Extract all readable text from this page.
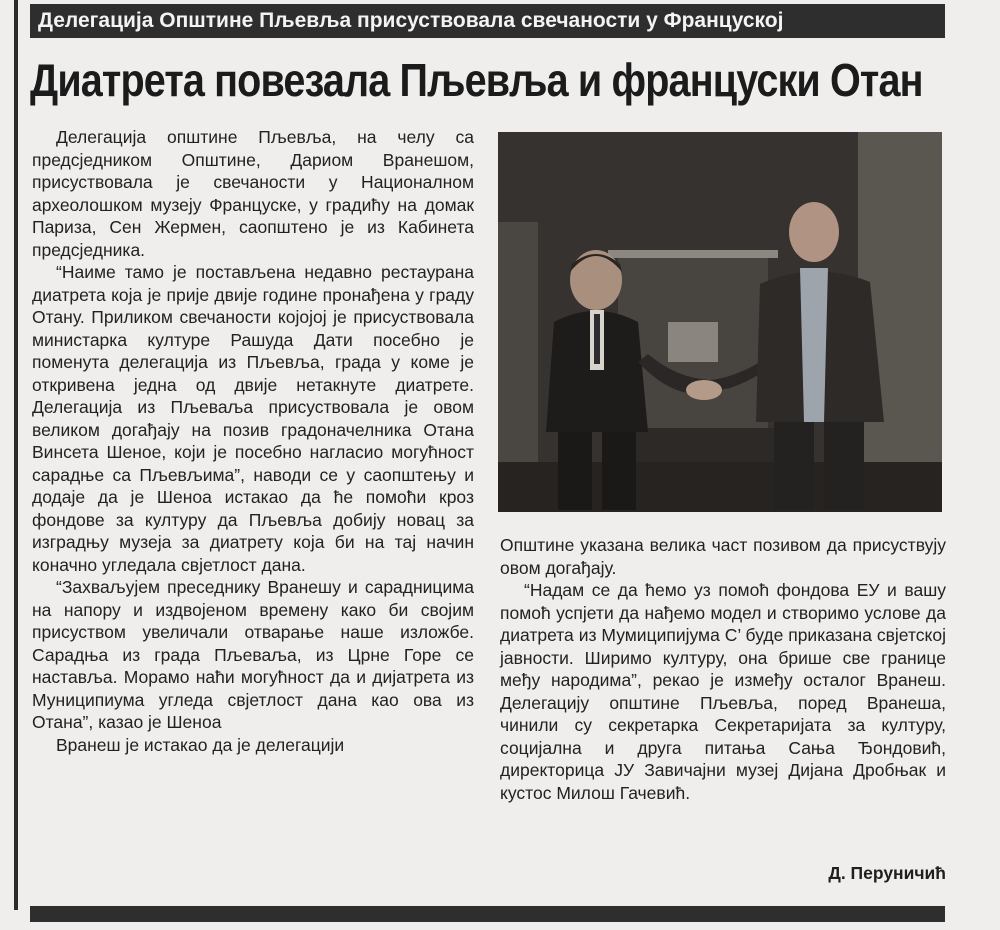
Делегација Општине Пљевља присуствовала свечаности у Француској
Диатрета повезала Пљевља и француски Отан

Делегација општине Пљевља, на челу са предсједником Општине, Дариом Вранешом, присуствовала је свечаности у Националном археолошком музеју Француске, у градићу на домак Париза, Сен Жермен, саопштено је из Кабинета предсједника.

“Наиме тамо је постављена недавно рестаурана диатрета која је прије двије године пронађена у граду Отану. Приликом свечаности којојој је присуствовала министарка културе Рашуда Дати посебно је поменута делегација из Пљевља, града у коме је откривена једна од двије нетакнуте диатрете. Делегација из Пљеваља присуствовала је овом великом догађају на позив градоначелника Отана Винсета Шеное, који је посебно нагласио могућност сарадње са Пљевљима”, наводи се у саопштењу и додаје да је Шеноа истакао да ће помоћи кроз фондове за културу да Пљевља добију новац за изградњу музеја за диатрету која би на тај начин коначно угледала свјетлост дана.

“Захваљујем преседнику Вранешу и сарадницима на напору и издвојеном времену како би својим присуством увеличали отварање наше изложбе. Сарадња из града Пљеваља, из Црне Горе се наставља. Морамо наћи могућност да и дијатрета из Муниципиума угледа свјетлост дана као ова из Отана”, казао је Шеноа

Вранеш је истакао да је делегацији

Општине указана велика част позивом да присуствују овом догађају.

“Надам се да ћемо уз помоћ фондова ЕУ и вашу помоћ успјети да нађемо модел и створимо услове да диатрета из Мумиципијума С’ буде приказана свјетској јавности. Ширимо културу, она брише све границе међу народима”, рекао је између осталог Вранеш. Делегацију општине Пљевља, поред Вранеша, чинили су секретарка Секретаријата за културу, социјална и друга питања Сања Ђондовић, директорица ЈУ Завичајни музеј Дијана Дробњак и кустос Милош Гачевић.

Д. Перуничић
